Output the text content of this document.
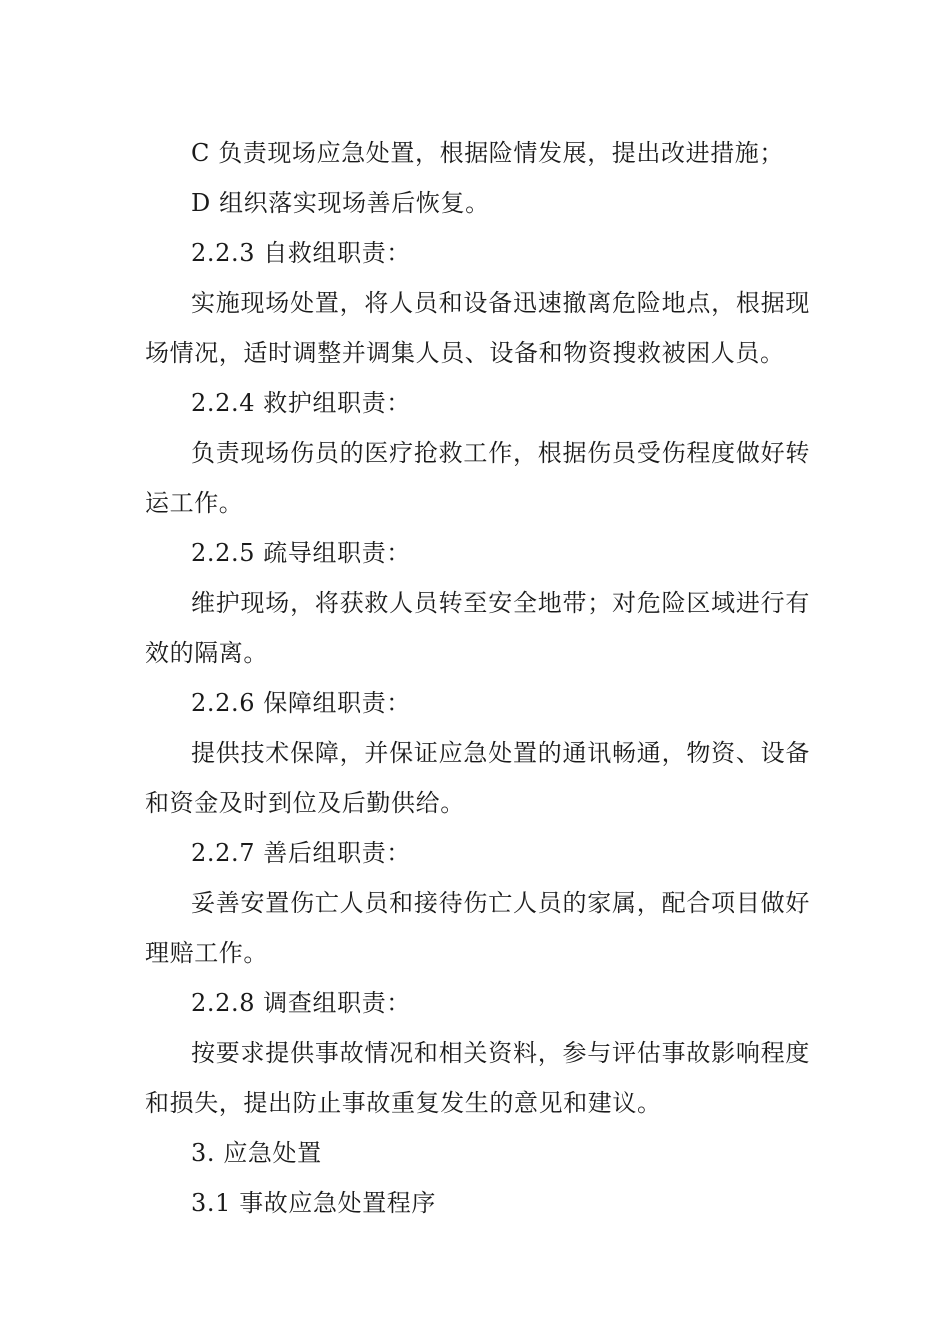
C 负责现场应急处置，根据险情发展，提出改进措施；

D 组织落实现场善后恢复。

2.2.3 自救组职责：

实施现场处置，将人员和设备迅速撤离危险地点，根据现场情况，适时调整并调集人员、设备和物资搜救被困人员。

2.2.4 救护组职责：

负责现场伤员的医疗抢救工作，根据伤员受伤程度做好转运工作。

2.2.5 疏导组职责：

维护现场，将获救人员转至安全地带；对危险区域进行有效的隔离。

2.2.6 保障组职责：

提供技术保障，并保证应急处置的通讯畅通，物资、设备和资金及时到位及后勤供给。

2.2.7 善后组职责：

妥善安置伤亡人员和接待伤亡人员的家属，配合项目做好理赔工作。

2.2.8 调查组职责：

按要求提供事故情况和相关资料，参与评估事故影响程度和损失，提出防止事故重复发生的意见和建议。

3. 应急处置

3.1 事故应急处置程序
